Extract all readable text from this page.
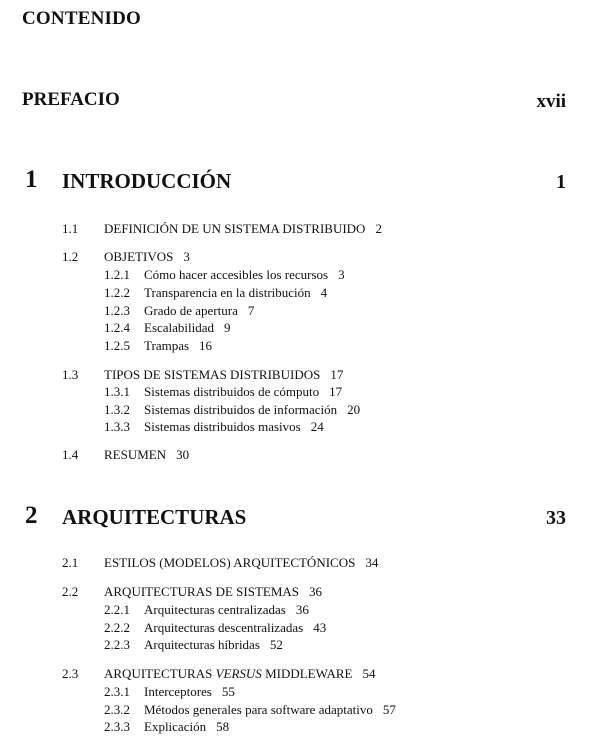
CONTENIDO
PREFACIO	xvii
1 INTRODUCCIÓN	1
1.1 DEFINICIÓN DE UN SISTEMA DISTRIBUIDO 2
1.2 OBJETIVOS 3
1.2.1 Cómo hacer accesibles los recursos 3
1.2.2 Transparencia en la distribución 4
1.2.3 Grado de apertura 7
1.2.4 Escalabilidad 9
1.2.5 Trampas 16
1.3 TIPOS DE SISTEMAS DISTRIBUIDOS 17
1.3.1 Sistemas distribuidos de cómputo 17
1.3.2 Sistemas distribuidos de información 20
1.3.3 Sistemas distribuidos masivos 24
1.4 RESUMEN 30
2 ARQUITECTURAS	33
2.1 ESTILOS (MODELOS) ARQUITECTÓNICOS 34
2.2 ARQUITECTURAS DE SISTEMAS 36
2.2.1 Arquitecturas centralizadas 36
2.2.2 Arquitecturas descentralizadas 43
2.2.3 Arquitecturas híbridas 52
2.3 ARQUITECTURAS VERSUS MIDDLEWARE 54
2.3.1 Interceptores 55
2.3.2 Métodos generales para software adaptativo 57
2.3.3 Explicación 58
